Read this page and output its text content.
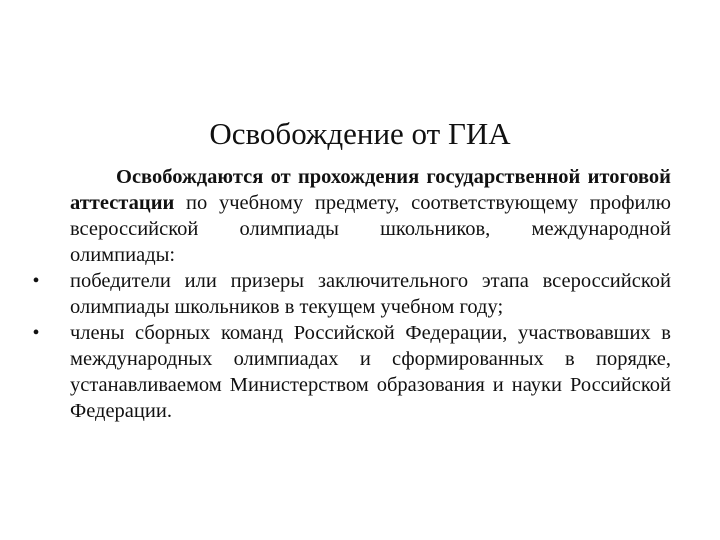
Освобождение от ГИА

Освобождаются от прохождения государственной итоговой аттестации по учебному предмету, соответствующему профилю всероссийской олимпиады школьников, международной олимпиады:

•	победители или призеры заключительного этапа всероссийской олимпиады школьников в текущем учебном году;
•	члены сборных команд Российской Федерации, участвовавших в международных олимпиадах и сформированных в порядке, устанавливаемом Министерством образования и науки Российской Федерации.
